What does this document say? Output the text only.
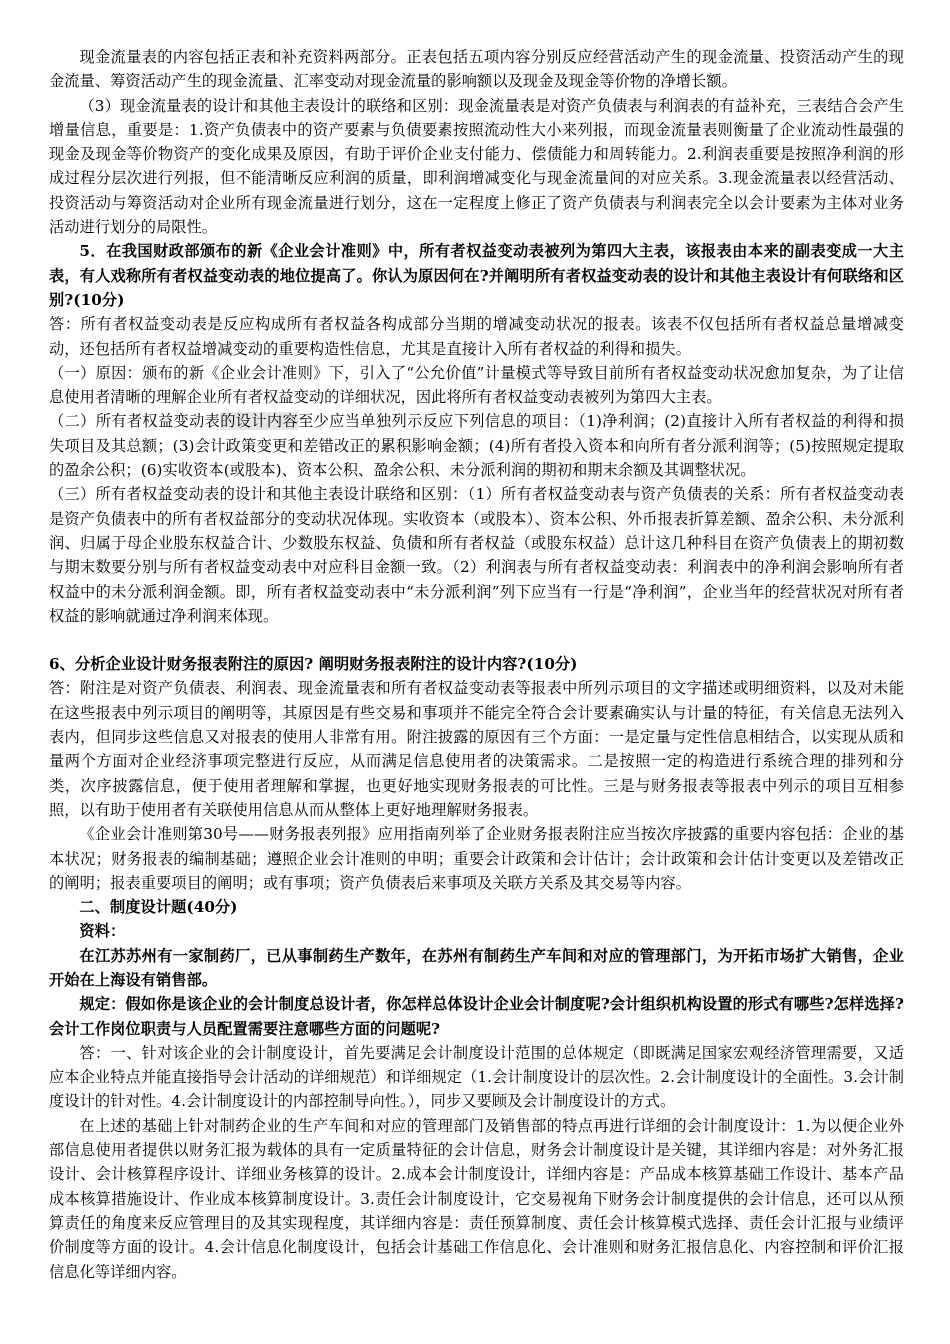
现金流量表的内容包括正表和补充资料两部分。正表包括五项内容分别反应经营活动产生的现金流量、投资活动产生的现金流量、筹资活动产生的现金流量、汇率变动对现金流量的影响额以及现金及现金等价物的净增长额。

（3）现金流量表的设计和其他主表设计的联络和区别：现金流量表是对资产负债表与利润表的有益补充，三表结合会产生增量信息，重要是：1.资产负债表中的资产要素与负债要素按照流动性大小来列报，而现金流量表则衡量了企业流动性最强的现金及现金等价物资产的变化成果及原因，有助于评价企业支付能力、偿债能力和周转能力。2.利润表重要是按照净利润的形成过程分层次进行列报，但不能清晰反应利润的质量，即利润增减变化与现金流量间的对应关系。3.现金流量表以经营活动、投资活动与筹资活动对企业所有现金流量进行划分，这在一定程度上修正了资产负债表与利润表完全以会计要素为主体对业务活动进行划分的局限性。

5．在我国财政部颁布的新《企业会计准则》中，所有者权益变动表被列为第四大主表，该报表由本来的副表变成一大主表，有人戏称所有者权益变动表的地位提高了。你认为原因何在?并阐明所有者权益变动表的设计和其他主表设计有何联络和区别?(10分)

答：所有者权益变动表是反应构成所有者权益各构成部分当期的增减变动状况的报表。该表不仅包括所有者权益总量增减变动，还包括所有者权益增减变动的重要构造性信息，尤其是直接计入所有者权益的利得和损失。

（一）原因：颁布的新《企业会计准则》下，引入了“公允价值”计量模式等导致目前所有者权益变动状况愈加复杂，为了让信息使用者清晰的理解企业所有者权益变动的详细状况，因此将所有者权益变动表被列为第四大主表。

（二）所有者权益变动表的设计内容至少应当单独列示反应下列信息的项目：（1)净利润；(2)直接计入所有者权益的利得和损失项目及其总额；(3)会计政策变更和差错改正的累积影响金额；(4)所有者投入资本和向所有者分派利润等；(5)按照规定提取的盈余公积；(6)实收资本(或股本)、资本公积、盈余公积、未分派利润的期初和期末余额及其调整状况。

（三）所有者权益变动表的设计和其他主表设计联络和区别：（1）所有者权益变动表与资产负债表的关系：所有者权益变动表是资产负债表中的所有者权益部分的变动状况体现。实收资本（或股本）、资本公积、外币报表折算差额、盈余公积、未分派利润、归属于母企业股东权益合计、少数股东权益、负债和所有者权益（或股东权益）总计这几种科目在资产负债表上的期初数与期末数要分别与所有者权益变动表中对应科目金额一致。（2）利润表与所有者权益变动表：利润表中的净利润会影响所有者权益中的未分派利润金额。即，所有者权益变动表中“未分派利润”列下应当有一行是“净利润”，企业当年的经营状况对所有者权益的影响就通过净利润来体现。

6、分析企业设计财务报表附注的原因? 阐明财务报表附注的设计内容?(10分)

答：附注是对资产负债表、利润表、现金流量表和所有者权益变动表等报表中所列示项目的文字描述或明细资料，以及对未能在这些报表中列示项目的阐明等，其原因是有些交易和事项并不能完全符合会计要素确实认与计量的特征，有关信息无法列入表内，但同步这些信息又对报表的使用人非常有用。附注披露的原因有三个方面：一是定量与定性信息相结合，以实现从质和量两个方面对企业经济事项完整进行反应，从而满足信息使用者的决策需求。二是按照一定的构造进行系统合理的排列和分类，次序披露信息，便于使用者理解和掌握，也更好地实现财务报表的可比性。三是与财务报表等报表中列示的项目互相参照，以有助于使用者有关联使用信息从而从整体上更好地理解财务报表。

《企业会计准则第30号——财务报表列报》应用指南列举了企业财务报表附注应当按次序披露的重要内容包括：企业的基本状况；财务报表的编制基础；遵照企业会计准则的申明；重要会计政策和会计估计；会计政策和会计估计变更以及差错改正的阐明；报表重要项目的阐明；或有事项；资产负债表后来事项及关联方关系及其交易等内容。

二、制度设计题(40分)

资料：

在江苏苏州有一家制药厂，已从事制药生产数年，在苏州有制药生产车间和对应的管理部门，为开拓市场扩大销售，企业开始在上海设有销售部。

规定：假如你是该企业的会计制度总设计者，你怎样总体设计企业会计制度呢?会计组织机构设置的形式有哪些?怎样选择?会计工作岗位职责与人员配置需要注意哪些方面的问题呢?

答：一、针对该企业的会计制度设计，首先要满足会计制度设计范围的总体规定（即既满足国家宏观经济管理需要，又适应本企业特点并能直接指导会计活动的详细规范）和详细规定（1.会计制度设计的层次性。2.会计制度设计的全面性。3.会计制度设计的针对性。4.会计制度设计的内部控制导向性。），同步又要顾及会计制度设计的方式。

在上述的基础上针对制药企业的生产车间和对应的管理部门及销售部的特点再进行详细的会计制度设计：1.为以便企业外部信息使用者提供以财务汇报为载体的具有一定质量特征的会计信息，财务会计制度设计是关键，其详细内容是：对外务汇报设计、会计核算程序设计、详细业务核算的设计。2.成本会计制度设计，详细内容是：产品成本核算基础工作设计、基本产品成本核算措施设计、作业成本核算制度设计。3.责任会计制度设计，它交易视角下财务会计制度提供的会计信息，还可以从预算责任的角度来反应管理目的及其实现程度，其详细内容是：责任预算制度、责任会计核算模式选择、责任会计汇报与业绩评价制度等方面的设计。4.会计信息化制度设计，包括会计基础工作信息化、会计准则和财务汇报信息化、内容控制和评价汇报信息化等详细内容。
